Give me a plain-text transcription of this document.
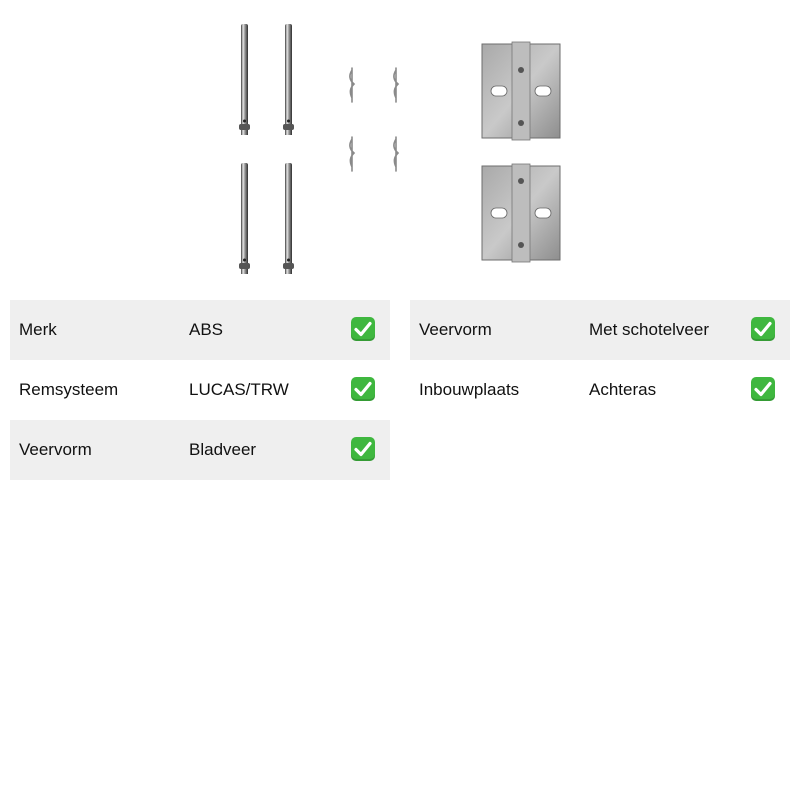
Merk	ABS
Remsysteem	LUCAS/TRW
Veervorm	Bladveer
Veervorm	Met schotelveer
Inbouwplaats	Achteras
